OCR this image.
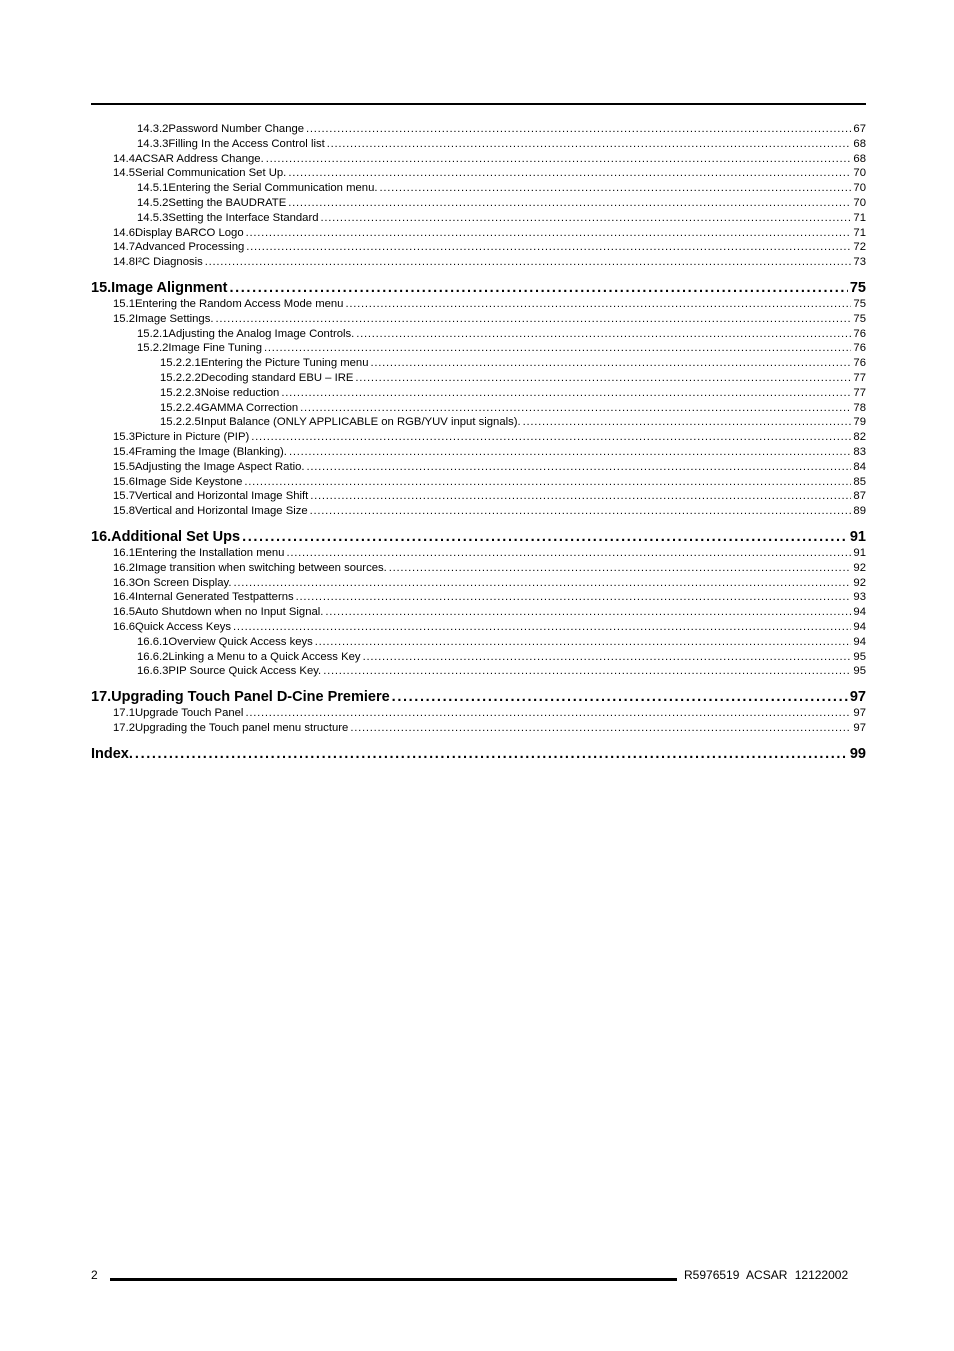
14.3.2Password Number Change . . .	67
14.3.3Filling In the Access Control list . . .	68
14.4ACSAR Address Change. . . .	68
14.5Serial Communication Set Up. . . .	70
14.5.1Entering the Serial Communication menu. . . .	70
14.5.2Setting the BAUDRATE . . .	70
14.5.3Setting the Interface Standard . . .	71
14.6Display BARCO Logo . . .	71
14.7Advanced Processing . . .	72
14.8I²C Diagnosis . . .	73
15.Image Alignment . . .	75
15.1Entering the Random Access Mode menu . . .	75
15.2Image Settings. . . .	75
15.2.1Adjusting the Analog Image Controls. . . .	76
15.2.2Image Fine Tuning . . .	76
15.2.2.1Entering the Picture Tuning menu . . .	76
15.2.2.2Decoding standard EBU – IRE . . .	77
15.2.2.3Noise reduction . . .	77
15.2.2.4GAMMA Correction . . .	78
15.2.2.5Input Balance (ONLY APPLICABLE on RGB/YUV input signals). . . .	79
15.3Picture in Picture (PIP) . . .	82
15.4Framing the Image (Blanking). . . .	83
15.5Adjusting the Image Aspect Ratio. . . .	84
15.6Image Side Keystone . . .	85
15.7Vertical and Horizontal Image Shift . . .	87
15.8Vertical and Horizontal Image Size . . .	89
16.Additional Set Ups . . .	91
16.1Entering the Installation menu . . .	91
16.2Image transition when switching between sources. . . .	92
16.3On Screen Display. . . .	92
16.4Internal Generated Testpatterns . . .	93
16.5Auto Shutdown when no Input Signal. . . .	94
16.6Quick Access Keys . . .	94
16.6.1Overview Quick Access keys . . .	94
16.6.2Linking a Menu to a Quick Access Key . . .	95
16.6.3PIP Source Quick Access Key. . . .	95
17.Upgrading Touch Panel D-Cine Premiere . . .	97
17.1Upgrade Touch Panel . . .	97
17.2Upgrading the Touch panel menu structure . . .	97
Index. . . .	99
2	R5976519 ACSAR 12122002
